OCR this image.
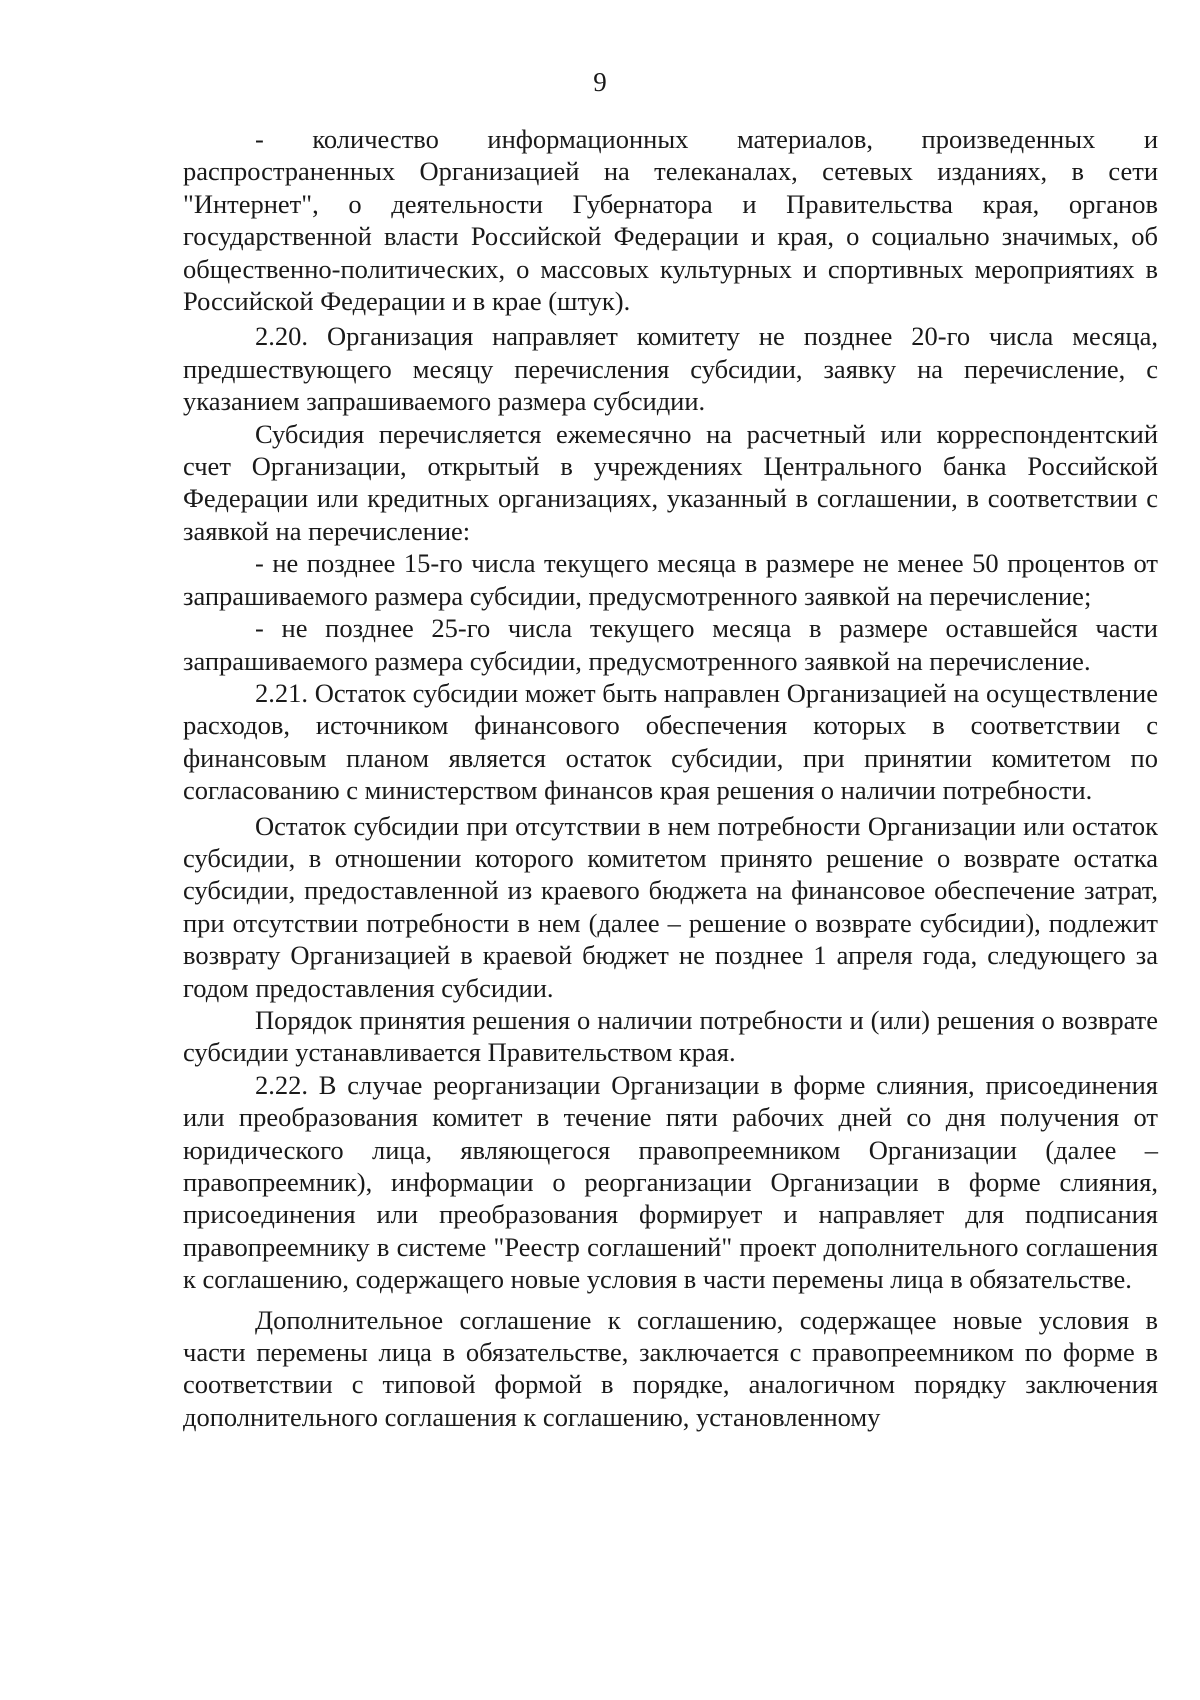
9

- количество информационных материалов, произведенных и распространенных Организацией на телеканалах, сетевых изданиях, в сети "Интернет", о деятельности Губернатора и Правительства края, органов государственной власти Российской Федерации и края, о социально значимых, об общественно-политических, о массовых культурных и спортивных мероприятиях в Российской Федерации и в крае (штук).

2.20. Организация направляет комитету не позднее 20-го числа месяца, предшествующего месяцу перечисления субсидии, заявку на перечисление, с указанием запрашиваемого размера субсидии.

Субсидия перечисляется ежемесячно на расчетный или корреспондентский счет Организации, открытый в учреждениях Центрального банка Российской Федерации или кредитных организациях, указанный в соглашении, в соответствии с заявкой на перечисление:

- не позднее 15-го числа текущего месяца в размере не менее 50 процентов от запрашиваемого размера субсидии, предусмотренного заявкой на перечисление;

- не позднее 25-го числа текущего месяца в размере оставшейся части запрашиваемого размера субсидии, предусмотренного заявкой на перечисление.

2.21. Остаток субсидии может быть направлен Организацией на осуществление расходов, источником финансового обеспечения которых в соответствии с финансовым планом является остаток субсидии, при принятии комитетом по согласованию с министерством финансов края решения о наличии потребности.

Остаток субсидии при отсутствии в нем потребности Организации или остаток субсидии, в отношении которого комитетом принято решение о возврате остатка субсидии, предоставленной из краевого бюджета на финансовое обеспечение затрат, при отсутствии потребности в нем (далее – решение о возврате субсидии), подлежит возврату Организацией в краевой бюджет не позднее 1 апреля года, следующего за годом предоставления субсидии.

Порядок принятия решения о наличии потребности и (или) решения о возврате субсидии устанавливается Правительством края.

2.22. В случае реорганизации Организации в форме слияния, присоединения или преобразования комитет в течение пяти рабочих дней со дня получения от юридического лица, являющегося правопреемником Организации (далее – правопреемник), информации о реорганизации Организации в форме слияния, присоединения или преобразования формирует и направляет для подписания правопреемнику в системе "Реестр соглашений" проект дополнительного соглашения к соглашению, содержащего новые условия в части перемены лица в обязательстве.

Дополнительное соглашение к соглашению, содержащее новые условия в части перемены лица в обязательстве, заключается с правопреемником по форме в соответствии с типовой формой в порядке, аналогичном порядку заключения дополнительного соглашения к соглашению, установленному
